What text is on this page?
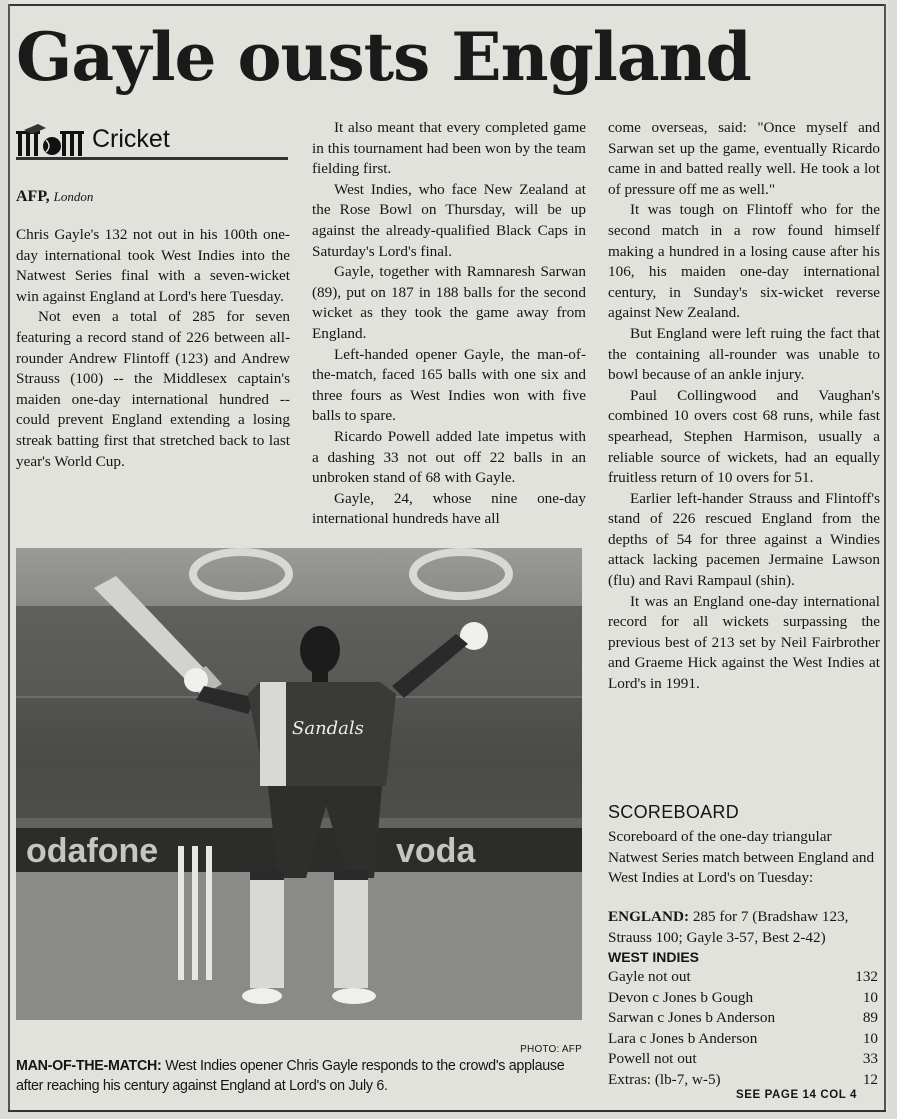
Gayle ousts England
Cricket
AFP, London

Chris Gayle's 132 not out in his 100th one-day international took West Indies into the Natwest Series final with a seven-wicket win against England at Lord's here Tuesday.

Not even a total of 285 for seven featuring a record stand of 226 between all-rounder Andrew Flintoff (123) and Andrew Strauss (100) -- the Middlesex captain's maiden one-day international hundred -- could prevent England extending a losing streak batting first that stretched back to last year's World Cup.

It also meant that every completed game in this tournament had been won by the team fielding first.

West Indies, who face New Zealand at the Rose Bowl on Thursday, will be up against the already-qualified Black Caps in Saturday's Lord's final.

Gayle, together with Ramnaresh Sarwan (89), put on 187 in 188 balls for the second wicket as they took the game away from England.

Left-handed opener Gayle, the man-of-the-match, faced 165 balls with one six and three fours as West Indies won with five balls to spare.

Ricardo Powell added late impetus with a dashing 33 not out off 22 balls in an unbroken stand of 68 with Gayle.

Gayle, 24, whose nine one-day international hundreds have all

come overseas, said: "Once myself and Sarwan set up the game, eventually Ricardo came in and batted really well. He took a lot of pressure off me as well."

It was tough on Flintoff who for the second match in a row found himself making a hundred in a losing cause after his 106, his maiden one-day international century, in Sunday's six-wicket reverse against New Zealand.

But England were left ruing the fact that the containing all-rounder was unable to bowl because of an ankle injury.

Paul Collingwood and Vaughan's combined 10 overs cost 68 runs, while fast spearhead, Stephen Harmison, usually a reliable source of wickets, had an equally fruitless return of 10 overs for 51.

Earlier left-hander Strauss and Flintoff's stand of 226 rescued England from the depths of 54 for three against a Windies attack lacking pacemen Jermaine Lawson (flu) and Ravi Rampaul (shin).

It was an England one-day international record for all wickets surpassing the previous best of 213 set by Neil Fairbrother and Graeme Hick against the West Indies at Lord's in 1991.

odafone	voda
Sandals
PHOTO: AFP
MAN-OF-THE-MATCH: West Indies opener Chris Gayle responds to the crowd's applause after reaching his century against England at Lord's on July 6.
SCOREBOARD
Scoreboard of the one-day triangular Natwest Series match between England and West Indies at Lord's on Tuesday:
ENGLAND: 285 for 7 (Bradshaw 123, Strauss 100; Gayle 3-57, Best 2-42)
WEST INDIES
Gayle not out	132
Devon c Jones b Gough	10
Sarwan c Jones b Anderson	89
Lara c Jones b Anderson	10
Powell not out	33
Extras: (lb-7, w-5)	12
SEE PAGE 14 COL 4
